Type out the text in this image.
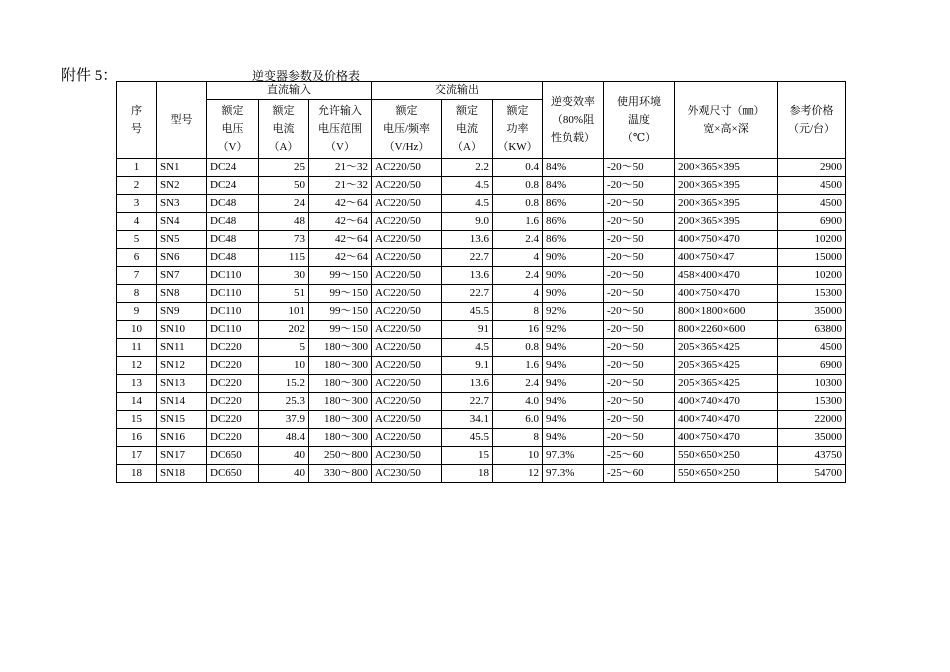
附件 5：	逆变器参数及价格表
序
号	型号	直流输入			交流输出			逆变效率
（80%阻
性负载）	使用环境
温度
（℃）	外观尺寸（㎜）
宽×高×深	参考价格
（元/台）
		额定
电压
（V）	额定
电流
（A）	允许输入
电压范围
（V）	额定
电压/频率
（V/Hz）	额定
电流
（A）	额定
功率
（KW）				
1	SN1	DC24	25	21～32	AC220/50	2.2	0.4	84%	-20～50	200×365×395	2900
2	SN2	DC24	50	21～32	AC220/50	4.5	0.8	84%	-20～50	200×365×395	4500
3	SN3	DC48	24	42～64	AC220/50	4.5	0.8	86%	-20～50	200×365×395	4500
4	SN4	DC48	48	42～64	AC220/50	9.0	1.6	86%	-20～50	200×365×395	6900
5	SN5	DC48	73	42～64	AC220/50	13.6	2.4	86%	-20～50	400×750×470	10200
6	SN6	DC48	115	42～64	AC220/50	22.7	4	90%	-20～50	400×750×47	15000
7	SN7	DC110	30	99～150	AC220/50	13.6	2.4	90%	-20～50	458×400×470	10200
8	SN8	DC110	51	99～150	AC220/50	22.7	4	90%	-20～50	400×750×470	15300
9	SN9	DC110	101	99～150	AC220/50	45.5	8	92%	-20～50	800×1800×600	35000
10	SN10	DC110	202	99～150	AC220/50	91	16	92%	-20～50	800×2260×600	63800
11	SN11	DC220	5	180～300	AC220/50	4.5	0.8	94%	-20～50	205×365×425	4500
12	SN12	DC220	10	180～300	AC220/50	9.1	1.6	94%	-20～50	205×365×425	6900
13	SN13	DC220	15.2	180～300	AC220/50	13.6	2.4	94%	-20～50	205×365×425	10300
14	SN14	DC220	25.3	180～300	AC220/50	22.7	4.0	94%	-20～50	400×740×470	15300
15	SN15	DC220	37.9	180～300	AC220/50	34.1	6.0	94%	-20～50	400×740×470	22000
16	SN16	DC220	48.4	180～300	AC220/50	45.5	8	94%	-20～50	400×750×470	35000
17	SN17	DC650	40	250～800	AC230/50	15	10	97.3%	-25～60	550×650×250	43750
18	SN18	DC650	40	330～800	AC230/50	18	12	97.3%	-25～60	550×650×250	54700
